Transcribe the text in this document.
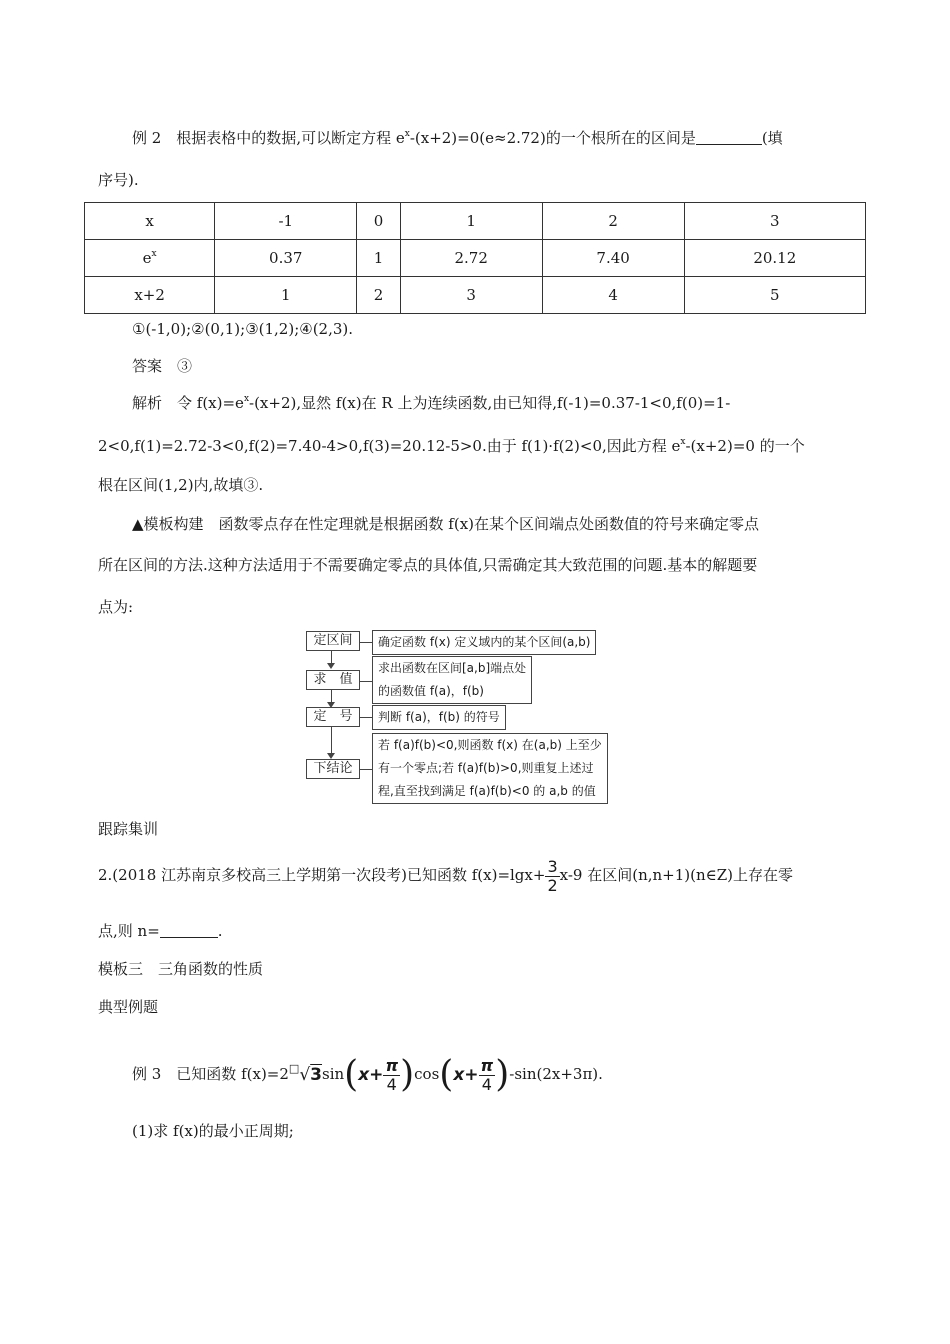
例 2　根据表格中的数据,可以断定方程 $e^x-(x+2)=0(e\approx 2.72)$的一个根所在的区间是	(填
序号).
x	-1	0	1	2	3
$e^x$	0.37	1	2.72	7.40	20.12
x+2	1	2	3	4	5
①(-1,0);②(0,1);③(1,2);④(2,3).
答案　③
解析　令 $f(x)=e^x-(x+2)$,显然 f(x)在 R 上为连续函数,由已知得,f(-1)=0.37-1<0,f(0)=1-
2<0,f(1)=2.72-3<0,f(2)=7.40-4>0,f(3)=20.12-5>0.由于 f(1)·f(2)<0,因此方程 $e^x-(x+2)=0$ 的一个
根在区间(1,2)内,故填③.
▲模板构建　函数零点存在性定理就是根据函数 f(x)在某个区间端点处函数值的符号来确定零点
所在区间的方法.这种方法适用于不需要确定零点的具体值,只需确定其大致范围的问题.基本的解题要
点为:
定区间	确定函数 f(x) 定义域内的某个区间(a,b)
求　值
求出函数在区间[a,b]端点处
的函数值 f(a)，f(b)
定　号	判断 f(a)，f(b) 的符号
下结论
若 f(a)f(b)<0,则函数 f(x) 在(a,b) 上至少
有一个零点;若 f(a)f(b)>0,则重复上述过
程,直至找到满足 f(a)f(b)<0 的 a,b 的值
跟踪集训
2.(2018 江苏南京多校高三上学期第一次段考)已知函数 $f(x)=\lg x+ \frac{3}{2} x-9$ 在区间(n,n+1)(n∈Z)上存在零
点,则 n=	.
模板三　三角函数的性质
典型例题
例 3　已知函数 $f(x)=2^□√3\sin(x+ \frac{\pi}{4} )\cos(x+ \frac{\pi}{4} )-\sin(2x+3\pi)$.
(1)求 f(x)的最小正周期;
